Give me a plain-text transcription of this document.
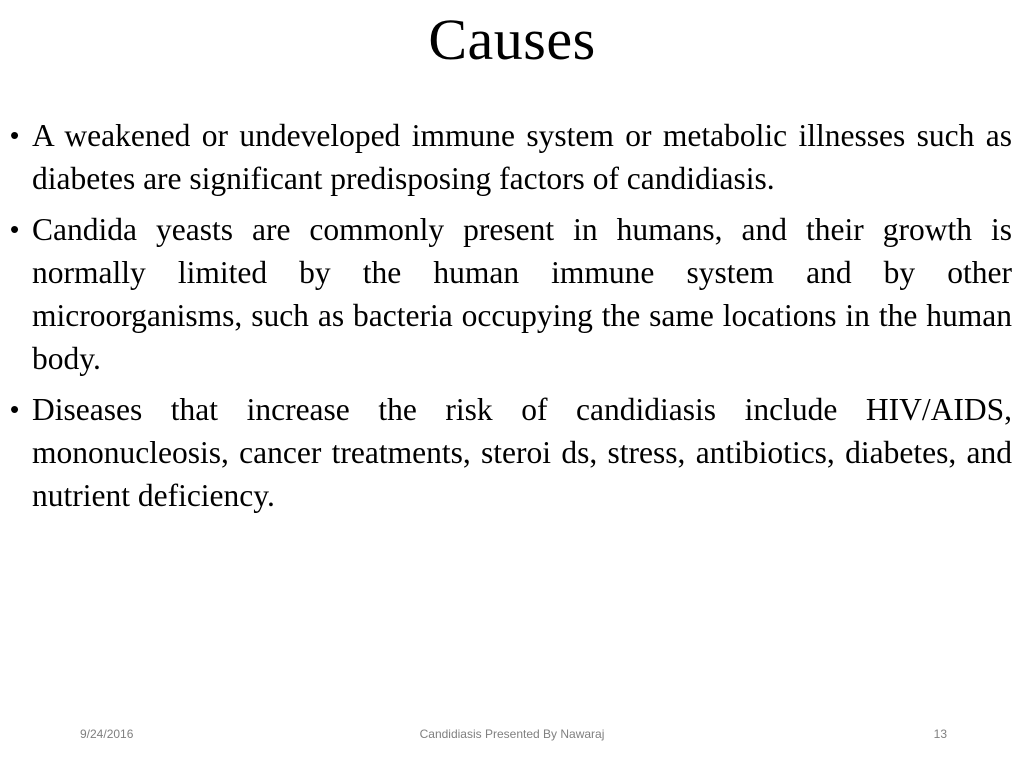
Causes
• A weakened or undeveloped immune system or metabolic illnesses such as diabetes are significant predisposing factors of candidiasis.
• Candida yeasts are commonly present in humans, and their growth is normally limited by the human immune system and by other microorganisms, such as bacteria occupying the same locations in the human body.
• Diseases that increase the risk of candidiasis include HIV/AIDS, mononucleosis, cancer treatments, steroi ds, stress, antibiotics, diabetes, and nutrient deficiency.
9/24/2016	Candidiasis Presented By Nawaraj	13
